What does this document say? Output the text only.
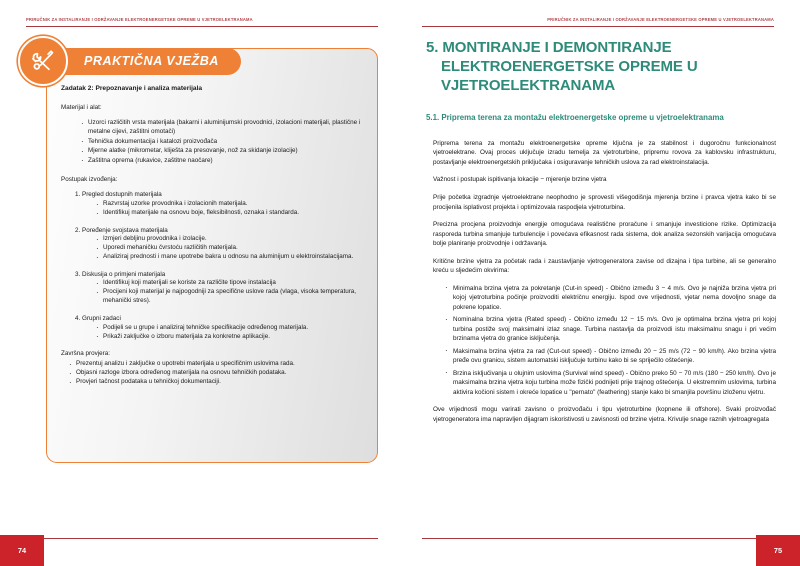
PRIRUČNIK ZA INSTALIRANJE I ODRŽAVANJE ELEKTROENERGETSKE OPREME U VJETROELEKTRANAMA
PRAKTIČNA VJEŽBA
Zadatak 2: Prepoznavanje i analiza materijala
Materijal i alat:
· Uzorci različitih vrsta materijala (bakarni i aluminijumski provodnici, izolacioni materijali, plastične i metalne cijevi, zaštitni omotači)
· Tehnička dokumentacija i katalozi proizvođača
· Mjerne alatke (mikrometar, kliješta za presovanje, nož za skidanje izolacije)
· Zaštitna oprema (rukavice, zaštitne naočare)
Postupak izvođenja:
1. Pregled dostupnih materijala
· Razvrstaj uzorke provodnika i izolacionih materijala.
· Identifikuj materijale na osnovu boje, fleksibilnosti, oznaka i standarda.
2. Poređenje svojstava materijala
· Izmjeri debljinu provodnika i izolacije.
· Uporedi mehaničku čvrstoću različitih materijala.
· Analiziraj prednosti i mane upotrebe bakra u odnosu na aluminijum u elektroinstalacijama.
3. Diskusija o primjeni materijala
· Identifikuj koji materijali se koriste za različite tipove instalacija
· Procijeni koji materijal je najpogodniji za specifične uslove rada (vlaga, visoka temperatura, mehanički stres).
4. Grupni zadaci
· Podijeli se u grupe i analiziraj tehničke specifikacije određenog materijala.
· Prikaži zaključke o izboru materijala za konkretne aplikacije.
Završna provjera:
· Prezentuj analizu i zaključke o upotrebi materijala u specifičnim uslovima rada.
· Objasni razloge izbora određenog materijala na osnovu tehničkih podataka.
· Provjeri tačnost podataka u tehničkoj dokumentaciji.
74
PRIRUČNIK ZA INSTALIRANJE I ODRŽAVANJE ELEKTROENERGETSKE OPREME U VJETROELEKTRANAMA
5. MONTIRANJE I DEMONTIRANJE
ELEKTROENERGETSKE OPREME U
VJETROELEKTRANAMA
5.1. Priprema terena za montažu elektroenergetske opreme u vjetroelektranama

Priprema terena za montažu elektroenergetske opreme ključna je za stabilnost i dugoročnu funkcionalnost vjetroelektrane. Ovaj proces uključuje izradu temelja za vjetroturbine, pripremu rovova za kablovsku infrastrukturu, postavljanje elektroenergetskih priključaka i osiguravanje tehničkih uslova za rad elektroinstalacija.

Važnost i postupak ispitivanja lokacije − mjerenje brzine vjetra

Prije početka izgradnje vjetroelektrane neophodno je sprovesti višegodišnja mjerenja brzine i pravca vjetra kako bi se procijenila isplativost projekta i optimizovala raspodjela vjetroturbina.

Precizna procjena proizvodnje energije omogućava realistične proračune i smanjuje investicione rizike. Optimizacija rasporeda turbina smanjuje turbulencije i povećava efikasnost rada sistema, dok analiza sezonskih varijacija omogućava bolje planiranje proizvodnje i održavanja.

Kritične brzine vjetra za početak rada i zaustavljanje vjetrogeneratora zavise od dizajna i tipa turbine, ali se generalno kreću u sljedećim okvirima:

· Minimalna brzina vjetra za pokretanje (Cut-in speed) - Obično između 3 − 4 m/s. Ovo je najniža brzina vjetra pri kojoj vjetroturbina počinje proizvoditi električnu energiju. Ispod ove vrijednosti, vjetar nema dovoljno snage da pokrene lopatice.
· Nominalna brzina vjetra (Rated speed) - Obično između 12 − 15 m/s. Ovo je optimalna brzina vjetra pri kojoj turbina postiže svoj maksimalni izlaz snage. Turbina nastavlja da proizvodi istu maksimalnu snagu i pri većim brzinama vjetra do granice isključenja.
· Maksimalna brzina vjetra za rad (Cut-out speed) - Obično između 20 − 25 m/s (72 − 90 km/h). Ako brzina vjetra pređe ovu granicu, sistem automatski isključuje turbinu kako bi se spriječilo oštećenje.
· Brzina isključivanja u olujnim uslovima (Survival wind speed) - Obično preko 50 − 70 m/s (180 − 250 km/h). Ovo je maksimalna brzina vjetra koju turbina može fizički podnijeti prije trajnog oštećenja. U ekstremnim uslovima, turbina aktivira kočioni sistem i okreće lopatice u "pernato" (feathering) stanje kako bi smanjila površinu izloženu vjetru.

Ove vrijednosti mogu varirati zavisno o proizvođaču i tipu vjetroturbine (kopnene ili offshore). Svaki proizvođač vjetrogeneratora ima napravljen dijagram iskoristivosti u zavisnosti od brzine vjetra. Krivulje snage raznih vjetroagregata

75
